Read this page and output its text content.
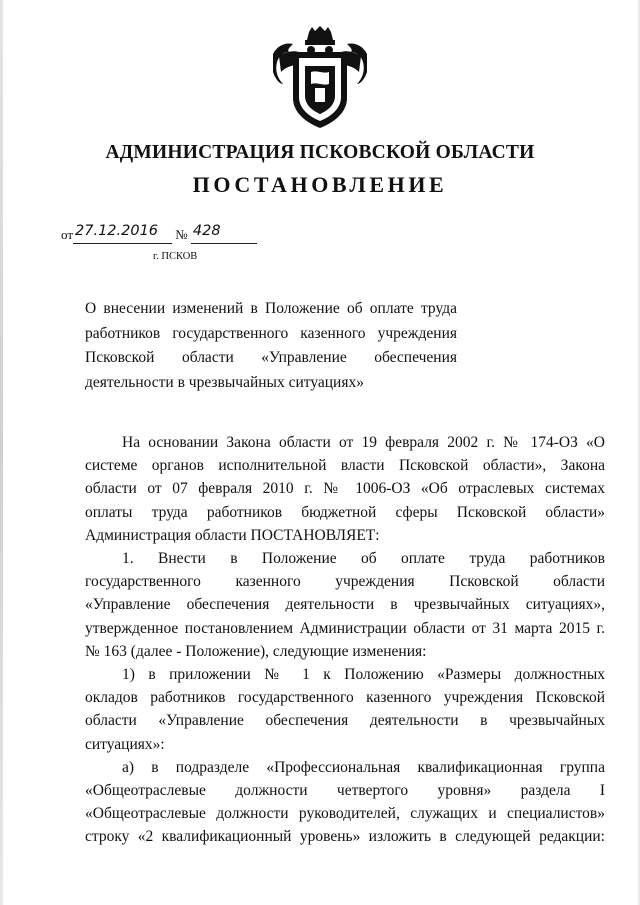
АДМИНИСТРАЦИЯ ПСКОВСКОЙ ОБЛАСТИ
ПОСТАНОВЛЕНИЕ
от 27.12.2016 № 428
г. ПСКОВ
О внесении изменений в Положение об оплате труда
работников государственного казенного учреждения
Псковской области «Управление обеспечения
деятельности в чрезвычайных ситуациях»
На основании Закона области от 19 февраля 2002 г. № 174-ОЗ «О
системе органов исполнительной власти Псковской области», Закона
области от 07 февраля 2010 г. № 1006-ОЗ «Об отраслевых системах
оплаты труда работников бюджетной сферы Псковской области»
Администрация области ПОСТАНОВЛЯЕТ:
1. Внести в Положение об оплате труда работников
государственного казенного учреждения Псковской области
«Управление обеспечения деятельности в чрезвычайных ситуациях»,
утвержденное постановлением Администрации области от 31 марта 2015 г.
№ 163 (далее - Положение), следующие изменения:
1) в приложении № 1 к Положению «Размеры должностных
окладов работников государственного казенного учреждения Псковской
области «Управление обеспечения деятельности в чрезвычайных
ситуациях»:
а) в подразделе «Профессиональная квалификационная группа
«Общеотраслевые должности четвертого уровня» раздела I
«Общеотраслевые должности руководителей, служащих и специалистов»
строку «2 квалификационный уровень» изложить в следующей редакции:
